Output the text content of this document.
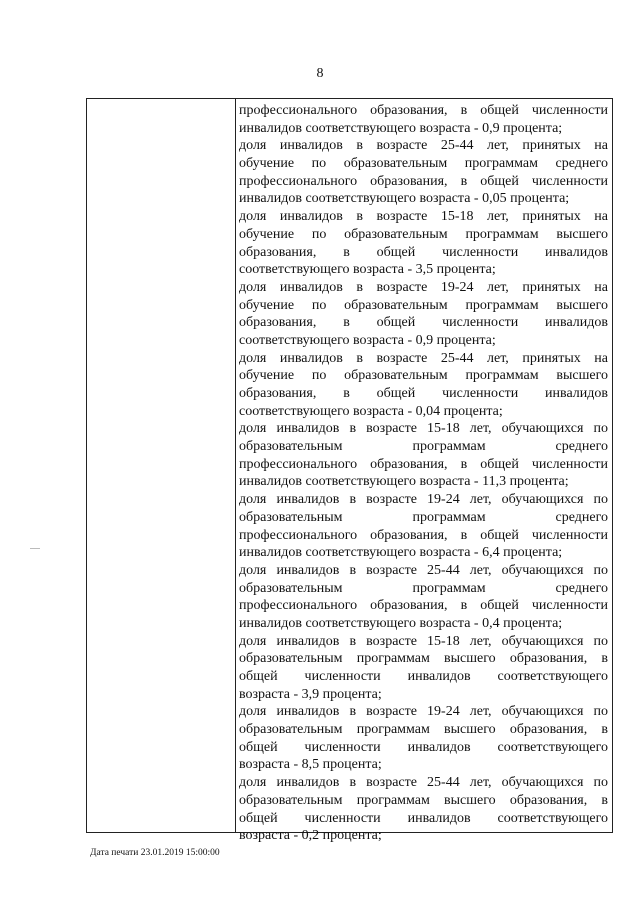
8
профессионального образования, в общей численности
инвалидов соответствующего возраста - 0,9 процента;
доля инвалидов в возрасте 25-44 лет, принятых на
обучение по образовательным программам среднего
профессионального образования, в общей численности
инвалидов соответствующего возраста - 0,05 процента;
доля инвалидов в возрасте 15-18 лет, принятых на
обучение по образовательным программам высшего
образования, в общей численности инвалидов
соответствующего возраста - 3,5 процента;
доля инвалидов в возрасте 19-24 лет, принятых на
обучение по образовательным программам высшего
образования, в общей численности инвалидов
соответствующего возраста - 0,9 процента;
доля инвалидов в возрасте 25-44 лет, принятых на
обучение по образовательным программам высшего
образования, в общей численности инвалидов
соответствующего возраста - 0,04 процента;
доля инвалидов в возрасте 15-18 лет, обучающихся по
образовательным программам среднего
профессионального образования, в общей численности
инвалидов соответствующего возраста - 11,3 процента;
доля инвалидов в возрасте 19-24 лет, обучающихся по
образовательным программам среднего
профессионального образования, в общей численности
инвалидов соответствующего возраста - 6,4 процента;
доля инвалидов в возрасте 25-44 лет, обучающихся по
образовательным программам среднего
профессионального образования, в общей численности
инвалидов соответствующего возраста - 0,4 процента;
доля инвалидов в возрасте 15-18 лет, обучающихся по
образовательным программам высшего образования, в
общей численности инвалидов соответствующего
возраста - 3,9 процента;
доля инвалидов в возрасте 19-24 лет, обучающихся по
образовательным программам высшего образования, в
общей численности инвалидов соответствующего
возраста - 8,5 процента;
доля инвалидов в возрасте 25-44 лет, обучающихся по
образовательным программам высшего образования, в
общей численности инвалидов соответствующего
возраста - 0,2 процента;
Дата печати 23.01.2019 15:00:00
